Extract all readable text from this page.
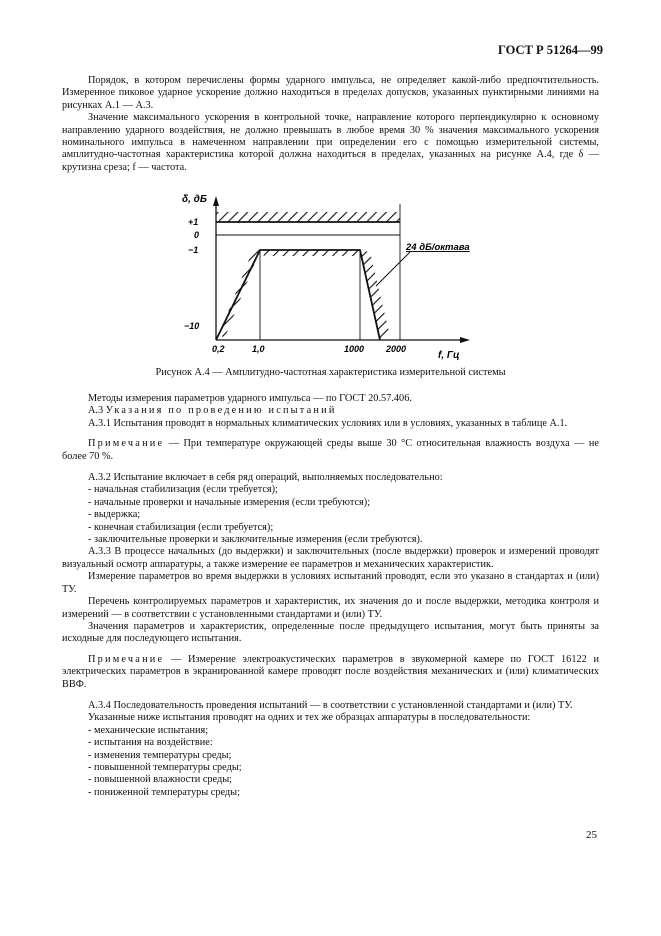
ГОСТ Р 51264—99

Порядок, в котором перечислены формы ударного импульса, не определяет какой-либо предпочтительность. Измеренное пиковое ударное ускорение должно находиться в пределах допусков, указанных пунктирными линиями на рисунках А.1 — А.3.

Значение максимального ускорения в контрольной точке, направление которого перпендикулярно к основному направлению ударного воздействия, не должно превышать в любое время 30 % значения максимального ускорения номинального импульса в намеченном направлении при определении его с помощью измерительной системы, амплитудно-частотная характеристика которой должна находиться в пределах, указанных на рисунке А.4, где δ — крутизна среза; f — частота.

δ, дБ
f, Гц
+1
0
−1
−10
0,2	1,0	1000 2000
24 дБ/октава
Рисунок А.4 — Амплитудно-частотная характеристика измерительной системы

Методы измерения параметров ударного импульса — по ГОСТ 20.57.406.

А.3 Указания по проведению испытаний

А.3.1 Испытания проводят в нормальных климатических условиях или в условиях, указанных в таблице А.1.

Примечание — При температуре окружающей среды выше 30 °С относительная влажность воздуха — не более 70 %.

А.3.2 Испытание включает в себя ряд операций, выполняемых последовательно:

- начальная стабилизация (если требуется);

- начальные проверки и начальные измерения (если требуются);

- выдержка;

- конечная стабилизация (если требуется);

- заключительные проверки и заключительные измерения (если требуются).

А.3.3 В процессе начальных (до выдержки) и заключительных (после выдержки) проверок и измерений проводят визуальный осмотр аппаратуры, а также измерение ее параметров и механических характеристик.

Измерение параметров во время выдержки в условиях испытаний проводят, если это указано в стандартах и (или) ТУ.

Перечень контролируемых параметров и характеристик, их значения до и после выдержки, методика контроля и измерений — в соответствии с установленными стандартами и (или) ТУ.

Значения параметров и характеристик, определенные после предыдущего испытания, могут быть приняты за исходные для последующего испытания.

Примечание — Измерение электроакустических параметров в звукомерной камере по ГОСТ 16122 и электрических параметров в экранированной камере проводят после воздействия механических и (или) климатических ВВФ.

А.3.4 Последовательность проведения испытаний — в соответствии с установленной стандартами и (или) ТУ.

Указанные ниже испытания проводят на одних и тех же образцах аппаратуры в последовательности:

- механические испытания;

- испытания на воздействие:

- изменения температуры среды;

- повышенной температуры среды;

- повышенной влажности среды;

- пониженной температуры среды;

25
